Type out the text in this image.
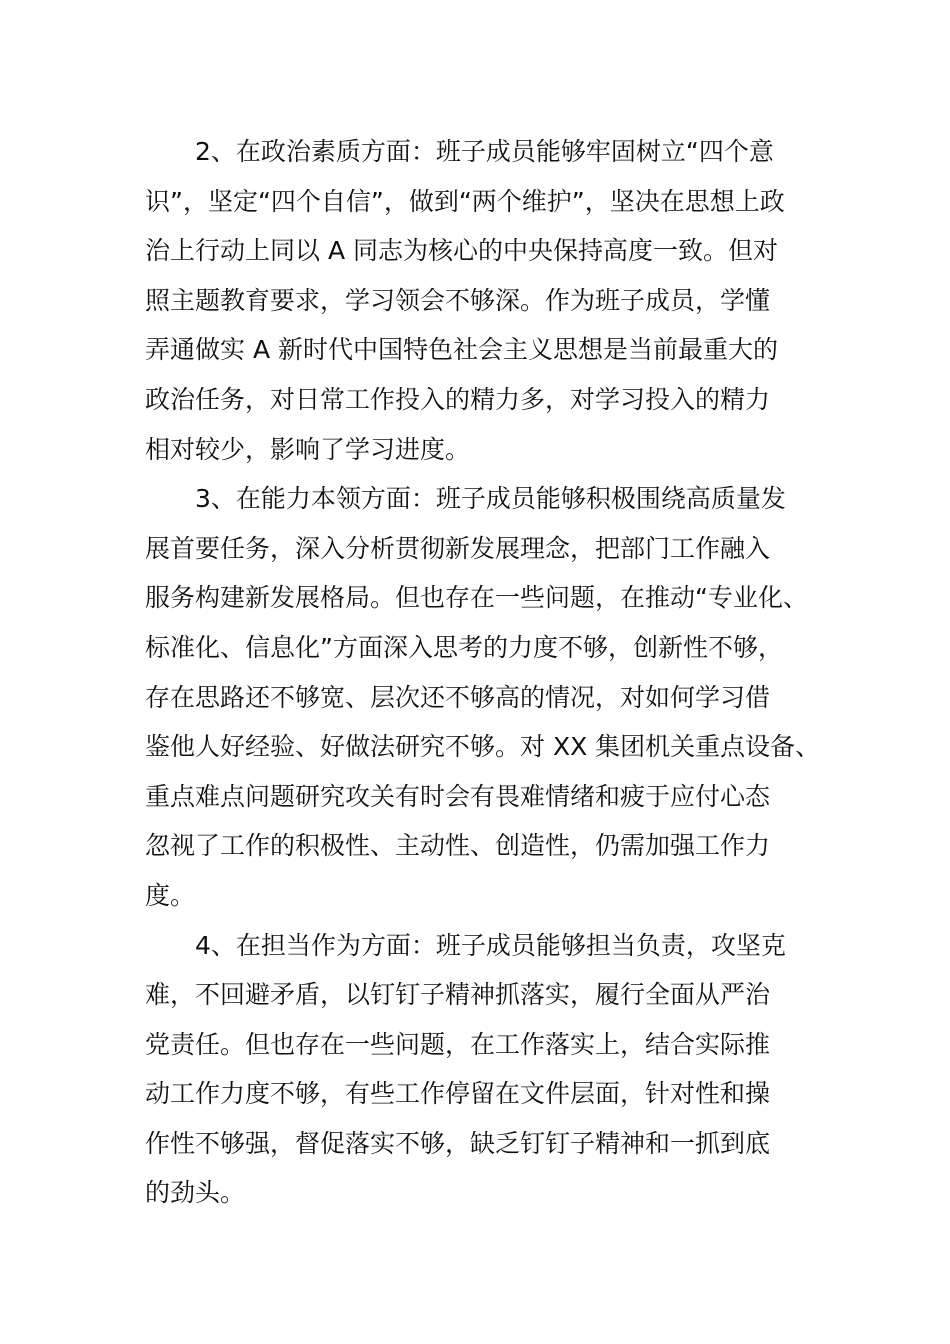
2、在政治素质方面：班子成员能够牢固树立“四个意
识”，坚定“四个自信”，做到“两个维护”，坚决在思想上政
治上行动上同以 A 同志为核心的中央保持高度一致。但对
照主题教育要求，学习领会不够深。作为班子成员，学懂
弄通做实 A 新时代中国特色社会主义思想是当前最重大的
政治任务，对日常工作投入的精力多，对学习投入的精力
相对较少，影响了学习进度。

3、在能力本领方面：班子成员能够积极围绕高质量发
展首要任务，深入分析贯彻新发展理念，把部门工作融入
服务构建新发展格局。但也存在一些问题，在推动“专业化、
标准化、信息化”方面深入思考的力度不够，创新性不够，
存在思路还不够宽、层次还不够高的情况，对如何学习借
鉴他人好经验、好做法研究不够。对 XX 集团机关重点设备、
重点难点问题研究攻关有时会有畏难情绪和疲于应付心态
忽视了工作的积极性、主动性、创造性，仍需加强工作力
度。

4、在担当作为方面：班子成员能够担当负责，攻坚克
难，不回避矛盾，以钉钉子精神抓落实，履行全面从严治
党责任。但也存在一些问题，在工作落实上，结合实际推
动工作力度不够，有些工作停留在文件层面，针对性和操
作性不够强，督促落实不够，缺乏钉钉子精神和一抓到底
的劲头。
